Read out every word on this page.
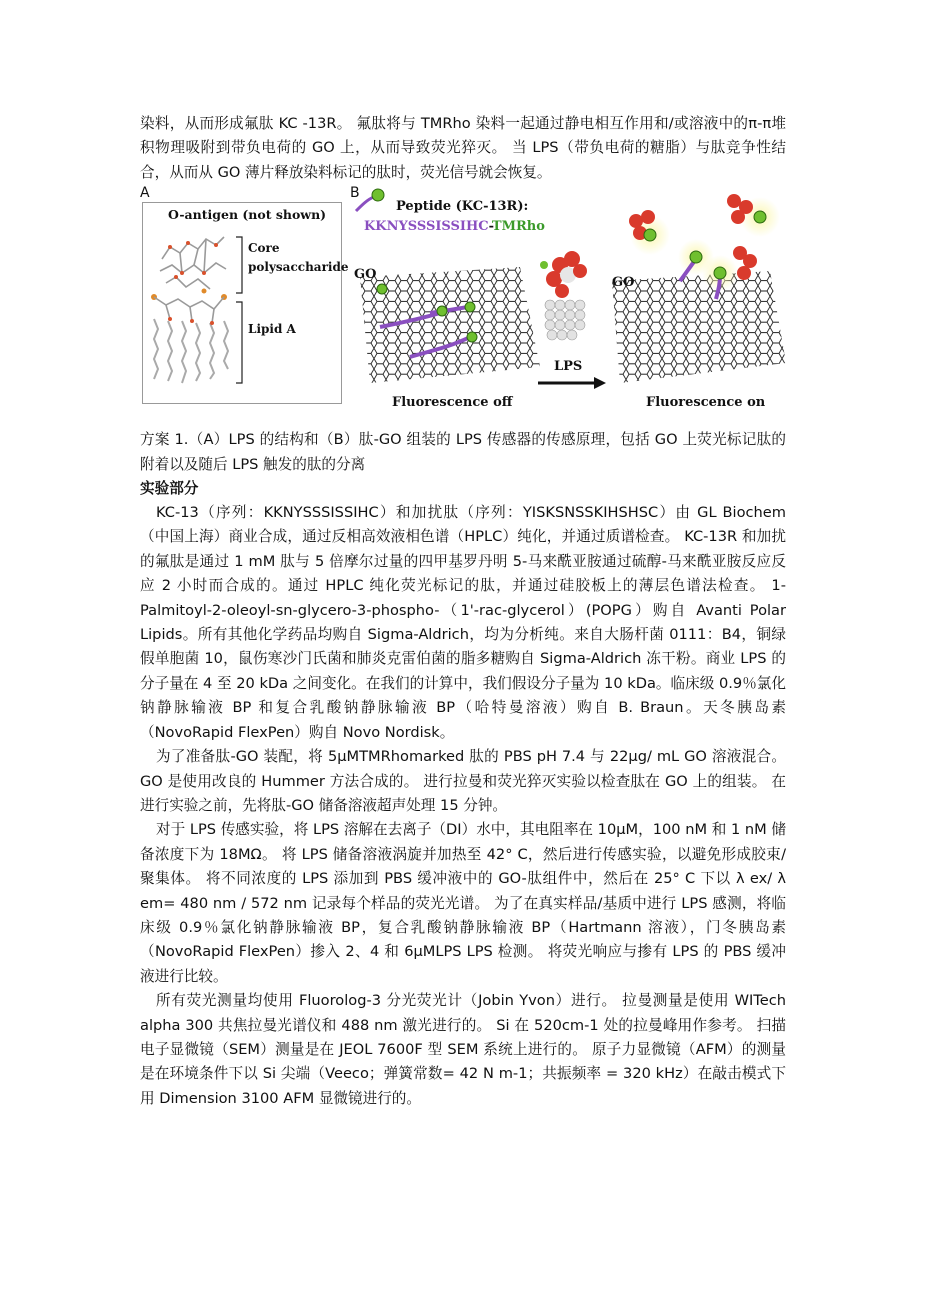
染料，从而形成氟肽 KC -13R。 氟肽将与 TMRho 染料一起通过静电相互作用和/或溶液中的π-π堆积物理吸附到带负电荷的 GO 上，从而导致荧光猝灭。 当 LPS（带负电荷的糖脂）与肽竞争性结合，从而从 GO 薄片释放染料标记的肽时，荧光信号就会恢复。

A
O-antigen (not shown)
Core
polysaccharide
Lipid A
B
Peptide (KC-13R):
KKNYSSSISSIHC-TMRho
GO
GO
LPS
Fluorescence off	Fluorescence on

方案 1.（A）LPS 的结构和（B）肽-GO 组装的 LPS 传感器的传感原理，包括 GO 上荧光标记肽的附着以及随后 LPS 触发的肽的分离

实验部分

KC-13（序列：KKNYSSSISSIHC）和加扰肽（序列：YISKSNSSKIHSHSC）由 GL Biochem（中国上海）商业合成，通过反相高效液相色谱（HPLC）纯化，并通过质谱检查。 KC-13R 和加扰的氟肽是通过 1 mM 肽与 5 倍摩尔过量的四甲基罗丹明 5-马来酰亚胺通过硫醇-马来酰亚胺反应反应 2 小时而合成的。通过 HPLC 纯化荧光标记的肽，并通过硅胶板上的薄层色谱法检查。 1-Palmitoyl-2-oleoyl-sn-glycero-3-phospho-（1'-rac-glycerol）(POPG）购自 Avanti Polar Lipids。所有其他化学药品均购自 Sigma-Aldrich，均为分析纯。来自大肠杆菌 0111：B4，铜绿假单胞菌 10，鼠伤寒沙门氏菌和肺炎克雷伯菌的脂多糖购自 Sigma-Aldrich 冻干粉。商业 LPS 的分子量在 4 至 20 kDa 之间变化。在我们的计算中，我们假设分子量为 10 kDa。临床级 0.9％氯化钠静脉输液 BP 和复合乳酸钠静脉输液 BP（哈特曼溶液）购自 B. Braun。天冬胰岛素（NovoRapid FlexPen）购自 Novo Nordisk。

为了准备肽-GO 装配，将 5μMTMRhomarked 肽的 PBS pH 7.4 与 22μg/ mL GO 溶液混合。GO 是使用改良的 Hummer 方法合成的。 进行拉曼和荧光猝灭实验以检查肽在 GO 上的组装。 在进行实验之前，先将肽-GO 储备溶液超声处理 15 分钟。

对于 LPS 传感实验，将 LPS 溶解在去离子（DI）水中，其电阻率在 10μM，100 nM 和 1 nM 储备浓度下为 18MΩ。 将 LPS 储备溶液涡旋并加热至 42° C，然后进行传感实验，以避免形成胶束/聚集体。 将不同浓度的 LPS 添加到 PBS 缓冲液中的 GO-肽组件中，然后在 25° C 下以 λ ex/ λ em= 480 nm / 572 nm 记录每个样品的荧光光谱。 为了在真实样品/基质中进行 LPS 感测，将临床级 0.9％氯化钠静脉输液 BP，复合乳酸钠静脉输液 BP（Hartmann 溶液），门冬胰岛素（NovoRapid FlexPen）掺入 2、4 和 6μMLPS LPS 检测。 将荧光响应与掺有 LPS 的 PBS 缓冲液进行比较。

所有荧光测量均使用 Fluorolog-3 分光荧光计（Jobin Yvon）进行。 拉曼测量是使用 WITech alpha 300 共焦拉曼光谱仪和 488 nm 激光进行的。 Si 在 520cm-1 处的拉曼峰用作参考。 扫描电子显微镜（SEM）测量是在 JEOL 7600F 型 SEM 系统上进行的。 原子力显微镜（AFM）的测量是在环境条件下以 Si 尖端（Veeco；弹簧常数= 42 N m-1；共振频率 = 320 kHz）在敲击模式下用 Dimension 3100 AFM 显微镜进行的。
